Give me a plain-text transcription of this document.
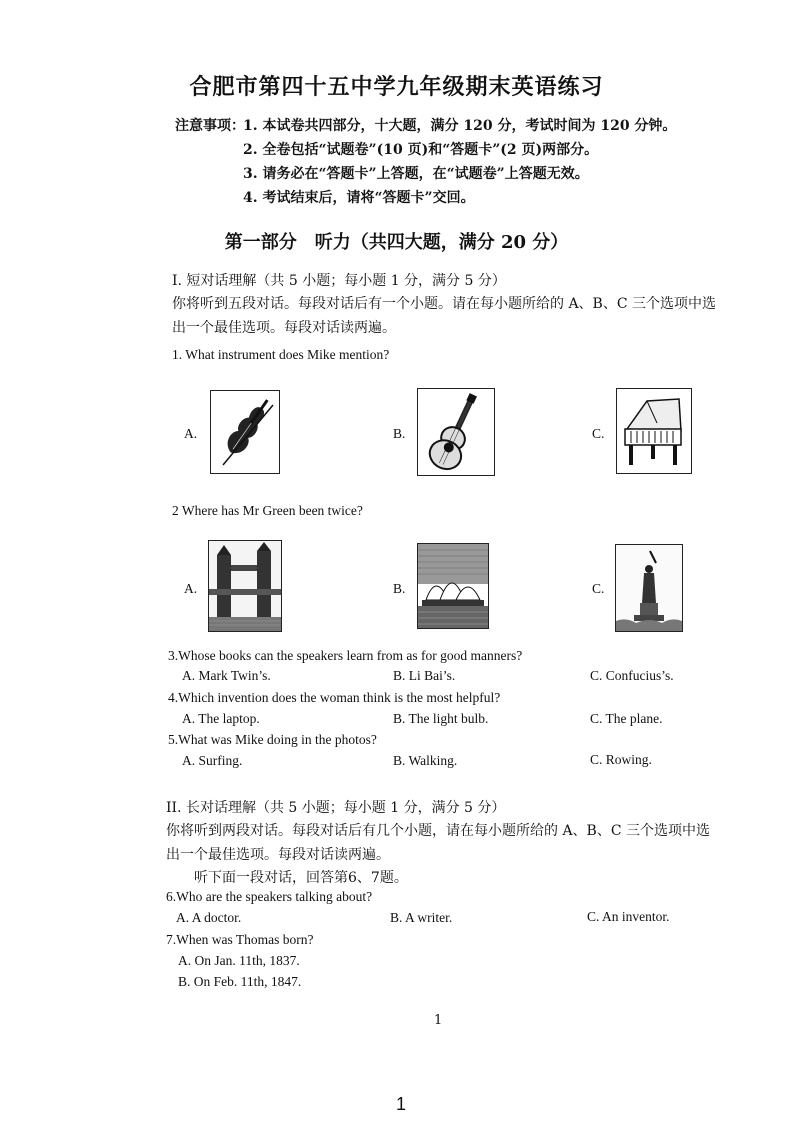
合肥市第四十五中学九年级期末英语练习
注意事项：
1. 本试卷共四部分，十大题，满分 120 分，考试时间为 120 分钟。
2. 全卷包括“试题卷”(10 页)和“答题卡”(2 页)两部分。
3. 请务必在“答题卡”上答题，在“试题卷”上答题无效。
4. 考试结束后，请将“答题卡”交回。
第一部分　听力（共四大题，满分 20 分）
I. 短对话理解（共 5 小题；每小题 1 分，满分 5 分）
你将听到五段对话。每段对话后有一个小题。请在每小题所给的 A、B、C 三个选项中选
出一个最佳选项。每段对话读两遍。
1. What instrument does Mike mention?
A.	B.	C.
2 Where has Mr Green been twice?
A.	B.	C.
3.Whose books can the speakers learn from as for good manners?
A. Mark Twin’s.	B. Li Bai’s.	C. Confucius’s.
4.Which invention does the woman think is the most helpful?
A. The laptop.	B. The light bulb.	C. The plane.
5.What was Mike doing in the photos?
A. Surfing.	B. Walking.	C. Rowing.
II. 长对话理解（共 5 小题；每小题 1 分，满分 5 分）
你将听到两段对话。每段对话后有几个小题，请在每小题所给的 A、B、C 三个选项中选
出一个最佳选项。每段对话读两遍。
听下面一段对话，回答第6、7题。
6.Who are the speakers talking about?
A. A doctor.	B. A writer.	C. An inventor.
7.When was Thomas born?
A. On Jan. 11th, 1837.
B. On Feb. 11th, 1847.
1
1
